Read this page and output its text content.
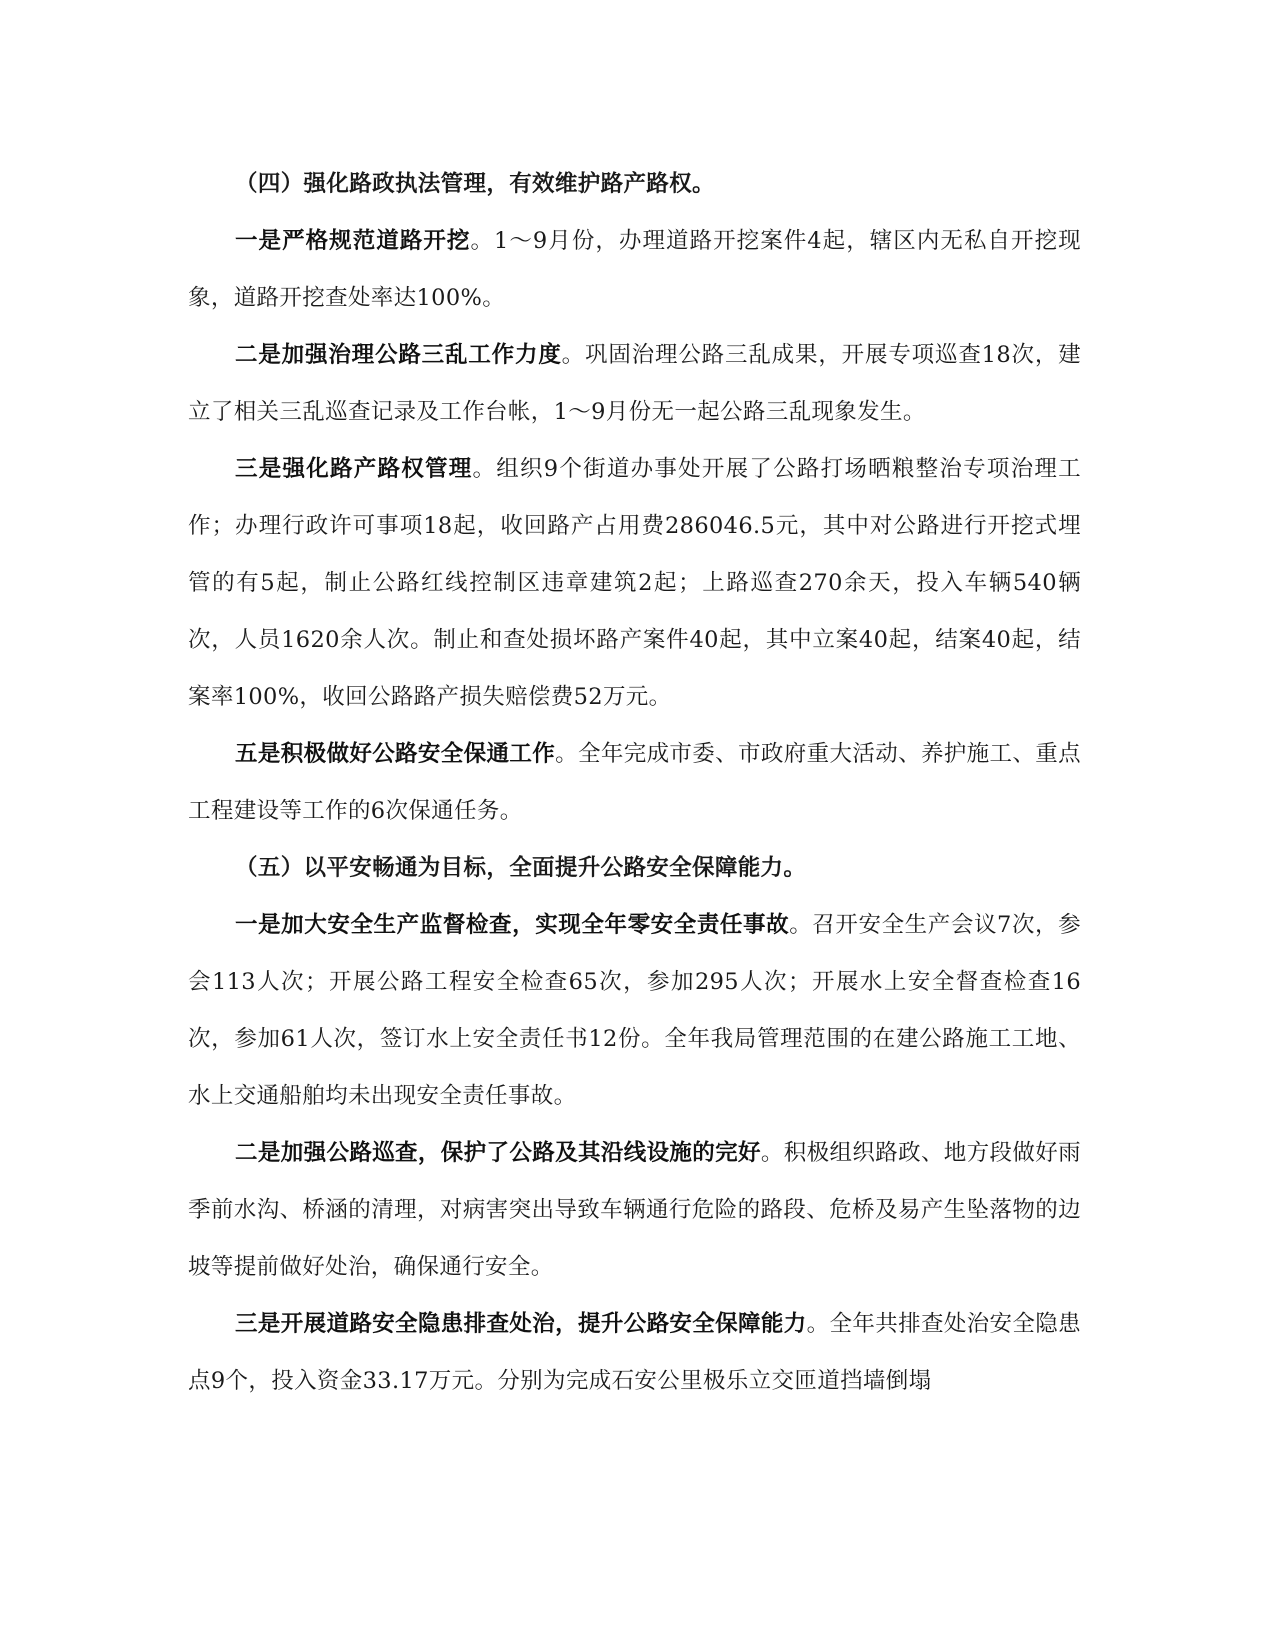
（四）强化路政执法管理，有效维护路产路权。

一是严格规范道路开挖。1～9月份，办理道路开挖案件4起，辖区内无私自开挖现象，道路开挖查处率达100%。

二是加强治理公路三乱工作力度。巩固治理公路三乱成果，开展专项巡查18次，建立了相关三乱巡查记录及工作台帐，1～9月份无一起公路三乱现象发生。

三是强化路产路权管理。组织9个街道办事处开展了公路打场晒粮整治专项治理工作；办理行政许可事项18起，收回路产占用费286046.5元，其中对公路进行开挖式埋管的有5起，制止公路红线控制区违章建筑2起；上路巡查270余天，投入车辆540辆次，人员1620余人次。制止和查处损坏路产案件40起，其中立案40起，结案40起，结案率100%，收回公路路产损失赔偿费52万元。

五是积极做好公路安全保通工作。全年完成市委、市政府重大活动、养护施工、重点工程建设等工作的6次保通任务。

（五）以平安畅通为目标，全面提升公路安全保障能力。

一是加大安全生产监督检查，实现全年零安全责任事故。召开安全生产会议7次，参会113人次；开展公路工程安全检查65次，参加295人次；开展水上安全督查检查16次，参加61人次，签订水上安全责任书12份。全年我局管理范围的在建公路施工工地、水上交通船舶均未出现安全责任事故。

二是加强公路巡查，保护了公路及其沿线设施的完好。积极组织路政、地方段做好雨季前水沟、桥涵的清理，对病害突出导致车辆通行危险的路段、危桥及易产生坠落物的边坡等提前做好处治，确保通行安全。

三是开展道路安全隐患排查处治，提升公路安全保障能力。全年共排查处治安全隐患点9个，投入资金33.17万元。分别为完成石安公里极乐立交匝道挡墙倒塌
